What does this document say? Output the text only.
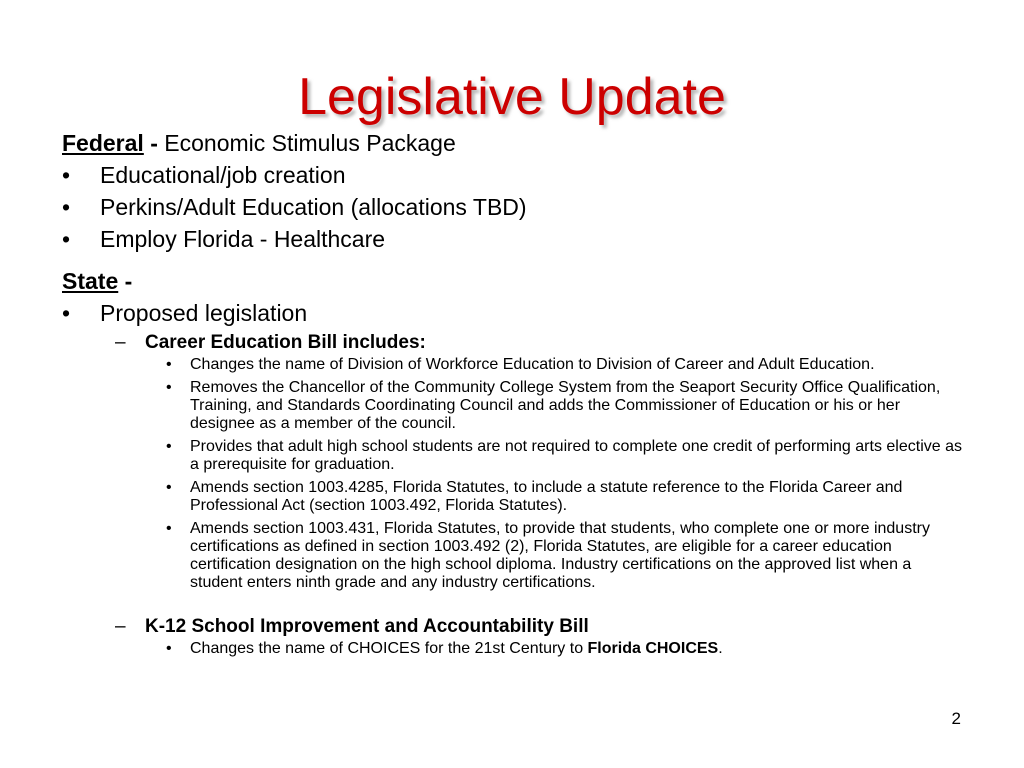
Legislative Update
Federal - Economic Stimulus Package
• Educational/job creation
• Perkins/Adult Education (allocations TBD)
• Employ Florida - Healthcare
State -
• Proposed legislation
– Career Education Bill includes:
• Changes the name of Division of Workforce Education to Division of Career and Adult Education.
• Removes the Chancellor of the Community College System from the Seaport Security Office Qualification, Training, and Standards Coordinating Council and adds the Commissioner of Education or his or her designee as a member of the council.
• Provides that adult high school students are not required to complete one credit of performing arts elective as a prerequisite for graduation.
• Amends section 1003.4285, Florida Statutes, to include a statute reference to the Florida Career and Professional Act (section 1003.492, Florida Statutes).
• Amends section 1003.431, Florida Statutes, to provide that students, who complete one or more industry certifications as defined in section 1003.492 (2), Florida Statutes, are eligible for a career education certification designation on the high school diploma. Industry certifications on the approved list when a student enters ninth grade and any industry certifications.
– K-12 School Improvement and Accountability Bill
• Changes the name of CHOICES for the 21st Century to Florida CHOICES.
2
